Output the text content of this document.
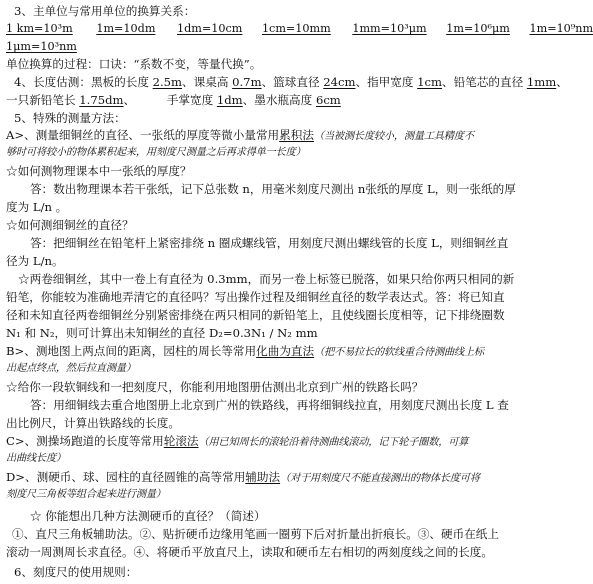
3、主单位与常用单位的换算关系：
1 km=10³m 1m=10dm 1dm=10cm 1cm=10mm 1mm=10³μm 1m=10⁶μm 1m=10⁹nm
1μm=10³nm
单位换算的过程：口诀：“系数不变，等量代换”。
4、长度估测：黑板的长度 2.5m、课桌高 0.7m、篮球直径 24cm、指甲宽度 1cm、铅笔芯的直径 1mm、
一只新铅笔长 1.75dm、	手掌宽度 1dm、墨水瓶高度 6cm
5、特殊的测量方法：
A>、测量细铜丝的直径、一张纸的厚度等微小量常用累积法（当被测长度较小，测量工具精度不
够时可将较小的物体累积起来，用刻度尺测量之后再求得单一长度）
☆如何测物理课本中一张纸的厚度？
答：数出物理课本若干张纸，记下总张数 n，用毫米刻度尺测出 n张纸的厚度 L，则一张纸的厚
度为 L/n 。
☆如何测细铜丝的直径？
答：把细铜丝在铅笔杆上紧密排绕 n 圈成螺线管，用刻度尺测出螺线管的长度 L，则细铜丝直
径为 L/n。
☆两卷细铜丝，其中一卷上有直径为 0.3mm，而另一卷上标签已脱落，如果只给你两只相同的新
铅笔，你能较为准确地弄清它的直径吗？写出操作过程及细铜丝直径的数学表达式。答：将已知直
径和未知直径两卷细铜丝分别紧密排绕在两只相同的新铅笔上，且使线圈长度相等，记下排绕圈数
N₁ 和 N₂，则可计算出未知铜丝的直径 D₂=0.3N₁ / N₂ mm
B>、测地图上两点间的距离，园柱的周长等常用化曲为直法（把不易拉长的软线重合待测曲线上标
出起点终点，然后拉直测量）
☆给你一段软铜线和一把刻度尺，你能利用地图册估测出北京到广州的铁路长吗？
答：用细铜线去重合地图册上北京到广州的铁路线，再将细铜线拉直，用刻度尺测出长度 L 查
出比例尺，计算出铁路线的长度。
C>、测操场跑道的长度等常用轮滚法（用已知周长的滚轮沿着待测曲线滚动，记下轮子圈数，可算
出曲线长度）
D>、测硬币、球、园柱的直径圆锥的高等常用辅助法（对于用刻度尺不能直接测出的物体长度可将
刻度尺三角板等组合起来进行测量）
☆ 你能想出几种方法测硬币的直径？（简述）
①、直尺三角板辅助法。②、贴折硬币边缘用笔画一圈剪下后对折量出折痕长。③、硬币在纸上
滚动一周测周长求直径。④、将硬币平放直尺上，读取和硬币左右相切的两刻度线之间的长度。
6、刻度尺的使用规则：
